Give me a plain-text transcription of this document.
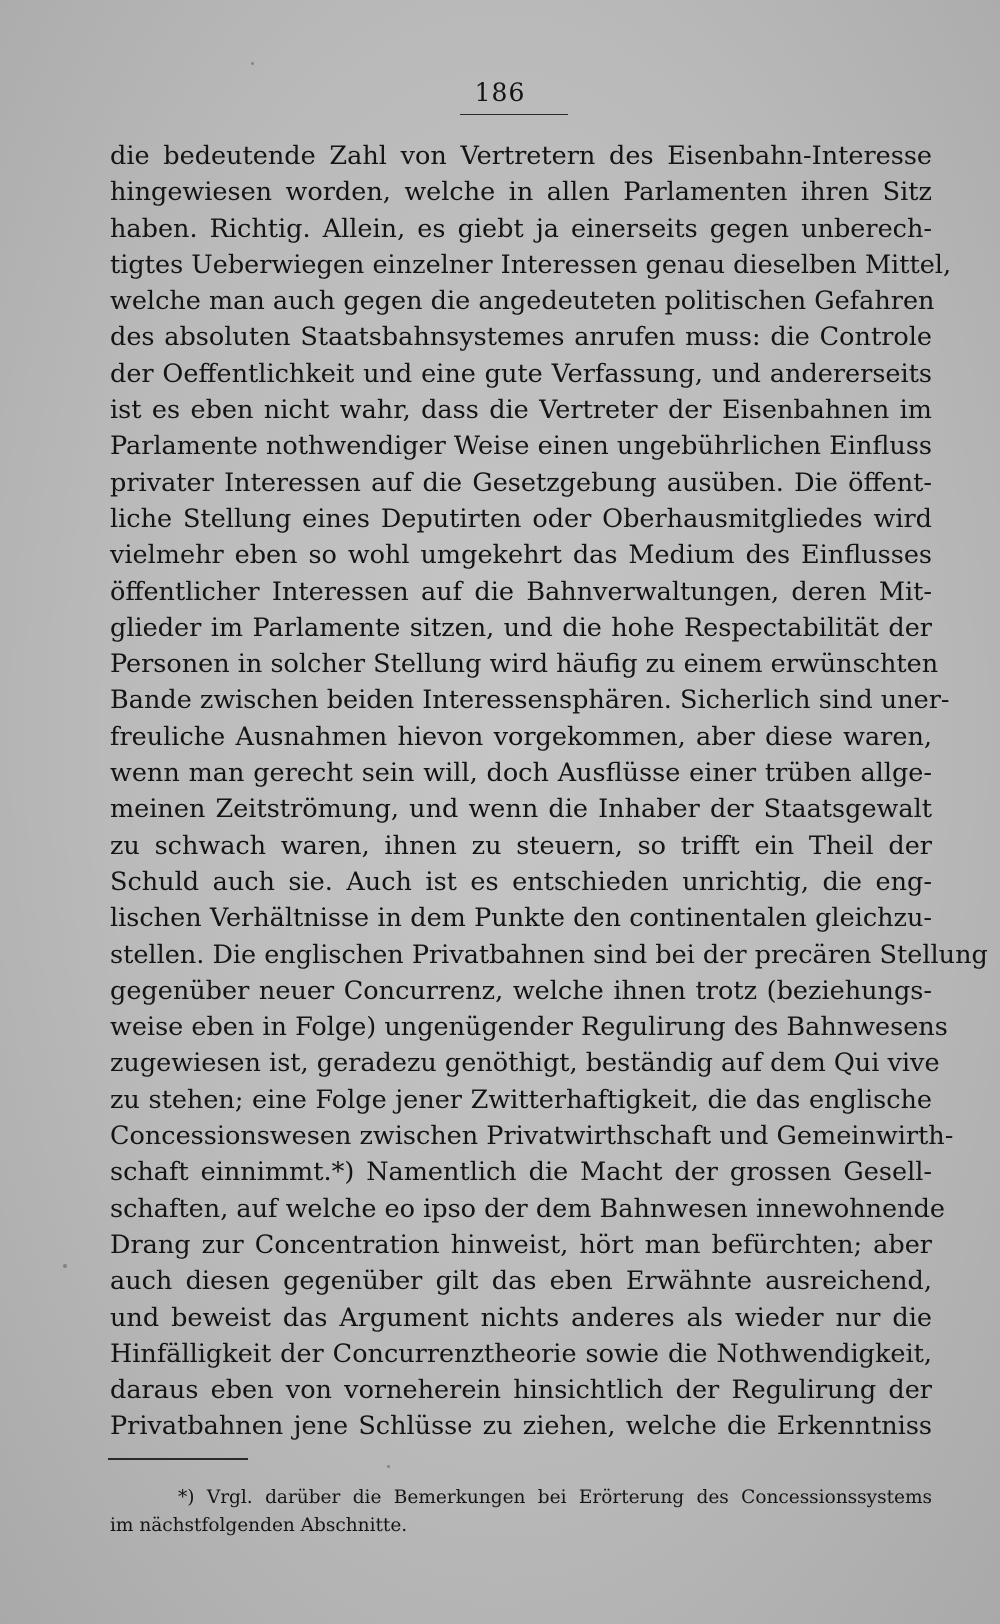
186
die bedeutende Zahl von Vertretern des Eisenbahn-Interesse
hingewiesen worden, welche in allen Parlamenten ihren Sitz
haben. Richtig. Allein, es giebt ja einerseits gegen unberech-
tigtes Ueberwiegen einzelner Interessen genau dieselben Mittel,
welche man auch gegen die angedeuteten politischen Gefahren
des absoluten Staatsbahnsystemes anrufen muss: die Controle
der Oeffentlichkeit und eine gute Verfassung, und andererseits
ist es eben nicht wahr, dass die Vertreter der Eisenbahnen im
Parlamente nothwendiger Weise einen ungebührlichen Einfluss
privater Interessen auf die Gesetzgebung ausüben. Die öffent-
liche Stellung eines Deputirten oder Oberhausmitgliedes wird
vielmehr eben so wohl umgekehrt das Medium des Einflusses
öffentlicher Interessen auf die Bahnverwaltungen, deren Mit-
glieder im Parlamente sitzen, und die hohe Respectabilität der
Personen in solcher Stellung wird häufig zu einem erwünschten
Bande zwischen beiden Interessensphären. Sicherlich sind uner-
freuliche Ausnahmen hievon vorgekommen, aber diese waren,
wenn man gerecht sein will, doch Ausflüsse einer trüben allge-
meinen Zeitströmung, und wenn die Inhaber der Staatsgewalt
zu schwach waren, ihnen zu steuern, so trifft ein Theil der
Schuld auch sie. Auch ist es entschieden unrichtig, die eng-
lischen Verhältnisse in dem Punkte den continentalen gleichzu-
stellen. Die englischen Privatbahnen sind bei der precären Stellung
gegenüber neuer Concurrenz, welche ihnen trotz (beziehungs-
weise eben in Folge) ungenügender Regulirung des Bahnwesens
zugewiesen ist, geradezu genöthigt, beständig auf dem Qui vive
zu stehen; eine Folge jener Zwitterhaftigkeit, die das englische
Concessionswesen zwischen Privatwirthschaft und Gemeinwirth-
schaft einnimmt.*) Namentlich die Macht der grossen Gesell-
schaften, auf welche eo ipso der dem Bahnwesen innewohnende
Drang zur Concentration hinweist, hört man befürchten; aber
auch diesen gegenüber gilt das eben Erwähnte ausreichend,
und beweist das Argument nichts anderes als wieder nur die
Hinfälligkeit der Concurrenztheorie sowie die Nothwendigkeit,
daraus eben von vorneherein hinsichtlich der Regulirung der
Privatbahnen jene Schlüsse zu ziehen, welche die Erkenntniss
*) Vrgl. darüber die Bemerkungen bei Erörterung des Concessionssystems
im nächstfolgenden Abschnitte.
